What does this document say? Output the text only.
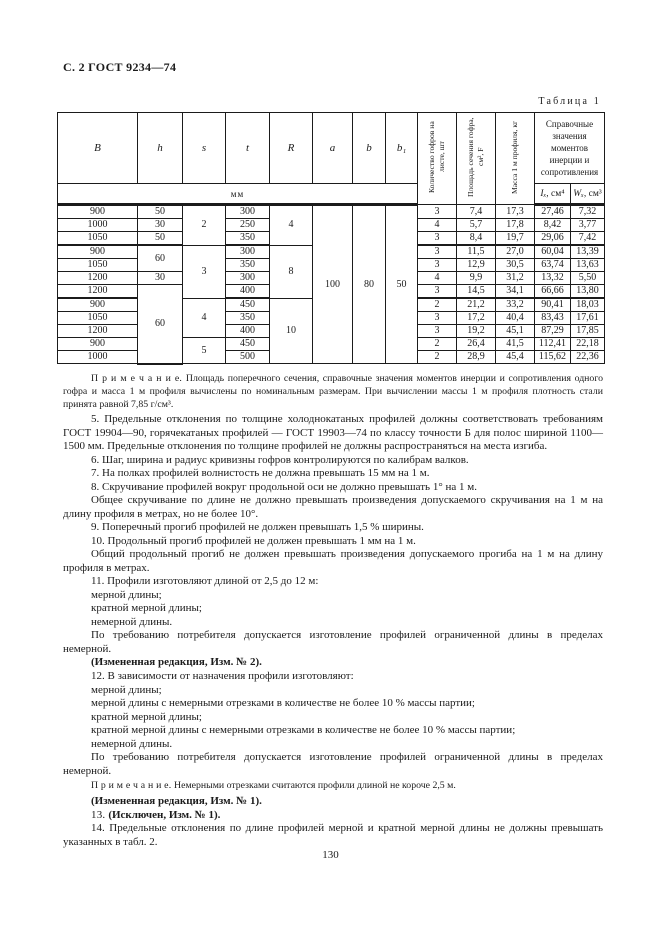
С. 2 ГОСТ 9234—74
Таблица 1
B	h	s	t	R	a	b	b₁	Количество гофров на листе, шт	Площадь сечения гофра, см², F	Масса 1 м профиля, кг	Справочные значения моментов инерции и сопротивления	
мм											Iₓ, см⁴	Wₓ, см³
900	50	2	300	4	100	80	50	3	7,4	17,3	27,46	7,32
1000	30		250					4	5,7	17,8	8,42	3,77
1050	50		350					3	8,4	19,7	29,06	7,42
900	60	3	300	8				3	11,5	27,0	60,04	13,39
1050			350					3	12,9	30,5	63,74	13,63
1200	30		300					4	9,9	31,2	13,32	5,50
1200	60		400					3	14,5	34,1	66,66	13,80
900		4	450	10				2	21,2	33,2	90,41	18,03
1050			350					3	17,2	40,4	83,43	17,61
1200			400					3	19,2	45,1	87,29	17,85
900		5	450					2	26,4	41,5	112,41	22,18
1000			500					2	28,9	45,4	115,62	22,36

П р и м е ч а н и е. Площадь поперечного сечения, справочные значения моментов инерции и сопротивления одного гофра и масса 1 м профиля вычислены по номинальным размерам. При вычислении массы 1 м профиля плотность стали принята равной 7,85 г/см³.

5. Предельные отклонения по толщине холоднокатаных профилей должны соответствовать требованиям ГОСТ 19904—90, горячекатаных профилей — ГОСТ 19903—74 по классу точности Б для полос шириной 1100—1500 мм. Предельные отклонения по толщине профилей не должны распространяться на места изгиба.

6. Шаг, ширина и радиус кривизны гофров контролируются по калибрам валков.

7. На полках профилей волнистость не должна превышать 15 мм на 1 м.

8. Скручивание профилей вокруг продольной оси не должно превышать 1° на 1 м.

Общее скручивание по длине не должно превышать произведения допускаемого скручивания на 1 м на длину профиля в метрах, но не более 10°.

9. Поперечный прогиб профилей не должен превышать 1,5 % ширины.

10. Продольный прогиб профилей не должен превышать 1 мм на 1 м.

Общий продольный прогиб не должен превышать произведения допускаемого прогиба на 1 м на длину профиля в метрах.

11. Профили изготовляют длиной от 2,5 до 12 м:

мерной длины;

кратной мерной длины;

немерной длины.

По требованию потребителя допускается изготовление профилей ограниченной длины в пределах немерной.

(Измененная редакция, Изм. № 2).

12. В зависимости от назначения профили изготовляют:

мерной длины;

мерной длины с немерными отрезками в количестве не более 10 % массы партии;

кратной мерной длины;

кратной мерной длины с немерными отрезками в количестве не более 10 % массы партии;

немерной длины.

По требованию потребителя допускается изготовление профилей ограниченной длины в пределах немерной.

П р и м е ч а н и е. Немерными отрезками считаются профили длиной не короче 2,5 м.

(Измененная редакция, Изм. № 1).

13. (Исключен, Изм. № 1).

14. Предельные отклонения по длине профилей мерной и кратной мерной длины не должны превышать указанных в табл. 2.

130
